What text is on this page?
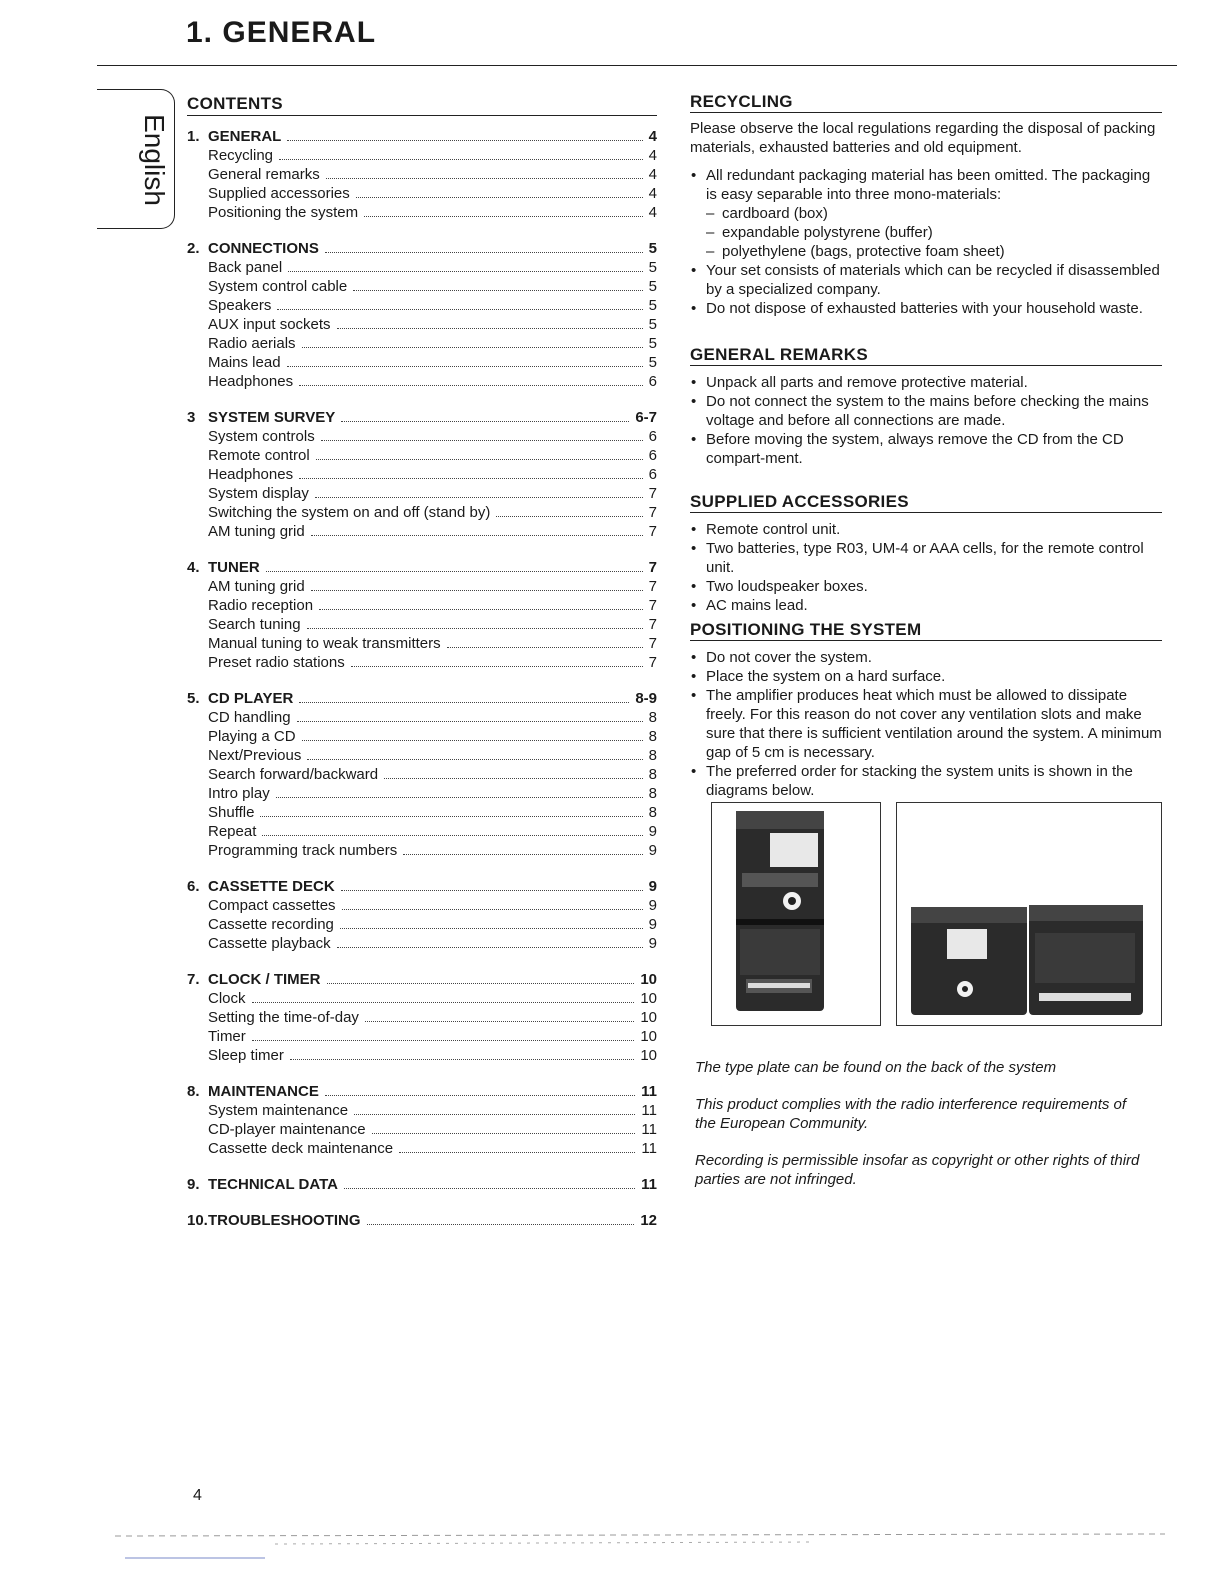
1. GENERAL
English
CONTENTS
1. GENERAL	4
Recycling	4
General remarks	4
Supplied accessories	4
Positioning the system	4
2. CONNECTIONS	5
Back panel	5
System control cable	5
Speakers	5
AUX input sockets	5
Radio aerials	5
Mains lead	5
Headphones	6
3 SYSTEM SURVEY	6-7
System controls	6
Remote control	6
Headphones	6
System display	7
Switching the system on and off (stand by)	7
AM tuning grid	7
4. TUNER	7
AM tuning grid	7
Radio reception	7
Search tuning	7
Manual tuning to weak transmitters	7
Preset radio stations	7
5. CD PLAYER	8-9
CD handling	8
Playing a CD	8
Next/Previous	8
Search forward/backward	8
Intro play	8
Shuffle	8
Repeat	9
Programming track numbers	9
6. CASSETTE DECK	9
Compact cassettes	9
Cassette recording	9
Cassette playback	9
7. CLOCK / TIMER	10
Clock	10
Setting the time-of-day	10
Timer	10
Sleep timer	10
8. MAINTENANCE	11
System maintenance	11
CD-player maintenance	11
Cassette deck maintenance	11
9. TECHNICAL DATA	11
10. TROUBLESHOOTING	12
RECYCLING

Please observe the local regulations regarding the disposal of packing materials, exhausted batteries and old equipment.

• All redundant packaging material has been omitted. The packaging is easy separable into three mono-materials:
– cardboard (box)
– expandable polystyrene (buffer)
– polyethylene (bags, protective foam sheet)
• Your set consists of materials which can be recycled if disassembled by a specialized company.
• Do not dispose of exhausted batteries with your household waste.
GENERAL REMARKS
• Unpack all parts and remove protective material.
• Do not connect the system to the mains before checking the mains voltage and before all connections are made.
• Before moving the system, always remove the CD from the CD compart-ment.
SUPPLIED ACCESSORIES
• Remote control unit.
• Two batteries, type R03, UM-4 or AAA cells, for the remote control unit.
• Two loudspeaker boxes.
• AC mains lead.
POSITIONING THE SYSTEM
• Do not cover the system.
• Place the system on a hard surface.
• The amplifier produces heat which must be allowed to dissipate freely. For this reason do not cover any ventilation slots and make sure that there is sufficient ventilation around the system. A minimum gap of 5 cm is necessary.
• The preferred order for stacking the system units is shown in the diagrams below.
The type plate can be found on the back of the system
This product complies with the radio interference requirements of the European Community.
Recording is permissible insofar as copyright or other rights of third parties are not infringed.
4
